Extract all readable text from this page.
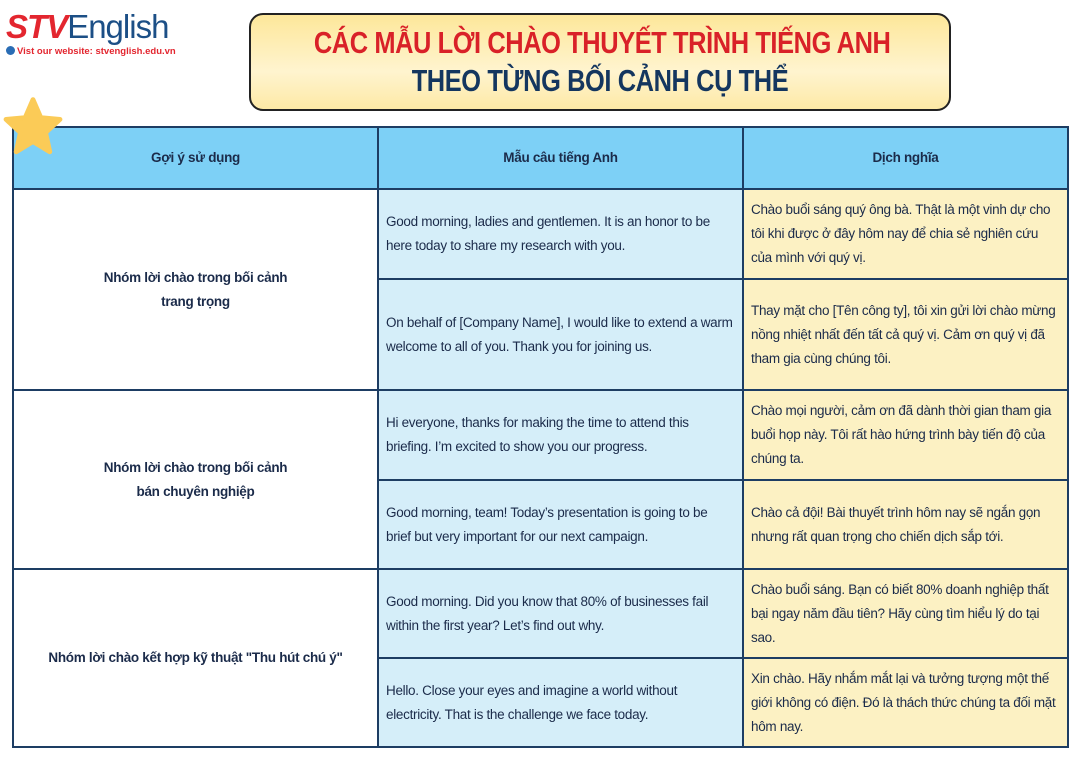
STVEnglish
Vist our website: stvenglish.edu.vn	CÁC MẪU LỜI CHÀO THUYẾT TRÌNH TIẾNG ANH
THEO TỪNG BỐI CẢNH CỤ THỂ
Gợi ý sử dụng	Mẫu câu tiếng Anh	Dịch nghĩa
Nhóm lời chào trong bối cảnh
trang trọng	Good morning, ladies and gentlemen. It is an honor to be here today to share my research with you.	Chào buổi sáng quý ông bà. Thật là một vinh dự cho tôi khi được ở đây hôm nay để chia sẻ nghiên cứu của mình với quý vị.
	On behalf of [Company Name], I would like to extend a warm welcome to all of you. Thank you for joining us.	Thay mặt cho [Tên công ty], tôi xin gửi lời chào mừng nồng nhiệt nhất đến tất cả quý vị. Cảm ơn quý vị đã tham gia cùng chúng tôi.
Nhóm lời chào trong bối cảnh
bán chuyên nghiệp	Hi everyone, thanks for making the time to attend this briefing. I’m excited to show you our progress.	Chào mọi người, cảm ơn đã dành thời gian tham gia buổi họp này. Tôi rất hào hứng trình bày tiến độ của chúng ta.
	Good morning, team! Today’s presentation is going to be brief but very important for our next campaign.	Chào cả đội! Bài thuyết trình hôm nay sẽ ngắn gọn nhưng rất quan trọng cho chiến dịch sắp tới.
Nhóm lời chào kết hợp kỹ thuật "Thu hút chú ý"	Good morning. Did you know that 80% of businesses fail within the first year? Let’s find out why.	Chào buổi sáng. Bạn có biết 80% doanh nghiệp thất bại ngay năm đầu tiên? Hãy cùng tìm hiểu lý do tại sao.
	Hello. Close your eyes and imagine a world without electricity. That is the challenge we face today.	Xin chào. Hãy nhắm mắt lại và tưởng tượng một thế giới không có điện. Đó là thách thức chúng ta đối mặt hôm nay.
